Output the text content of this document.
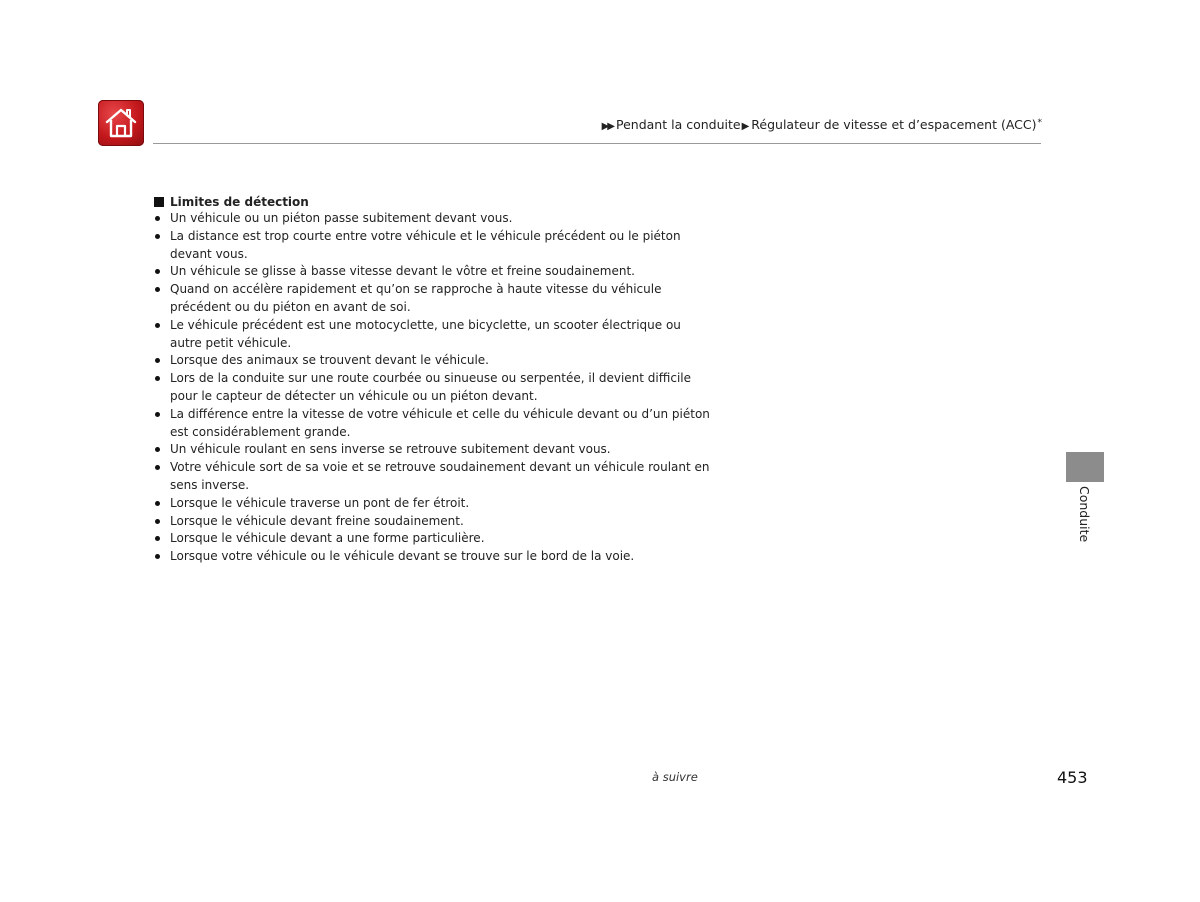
▶▶ Pendant la conduite▶ Régulateur de vitesse et d’espacement (ACC)*
Limites de détection
Un véhicule ou un piéton passe subitement devant vous.
La distance est trop courte entre votre véhicule et le véhicule précédent ou le piéton devant vous.
Un véhicule se glisse à basse vitesse devant le vôtre et freine soudainement.
Quand on accélère rapidement et qu’on se rapproche à haute vitesse du véhicule précédent ou du piéton en avant de soi.
Le véhicule précédent est une motocyclette, une bicyclette, un scooter électrique ou autre petit véhicule.
Lorsque des animaux se trouvent devant le véhicule.
Lors de la conduite sur une route courbée ou sinueuse ou serpentée, il devient difficile pour le capteur de détecter un véhicule ou un piéton devant.
La différence entre la vitesse de votre véhicule et celle du véhicule devant ou d’un piéton est considérablement grande.
Un véhicule roulant en sens inverse se retrouve subitement devant vous.
Votre véhicule sort de sa voie et se retrouve soudainement devant un véhicule roulant en sens inverse.
Lorsque le véhicule traverse un pont de fer étroit.
Lorsque le véhicule devant freine soudainement.
Lorsque le véhicule devant a une forme particulière.
Lorsque votre véhicule ou le véhicule devant se trouve sur le bord de la voie.
Conduite
à suivre	453
